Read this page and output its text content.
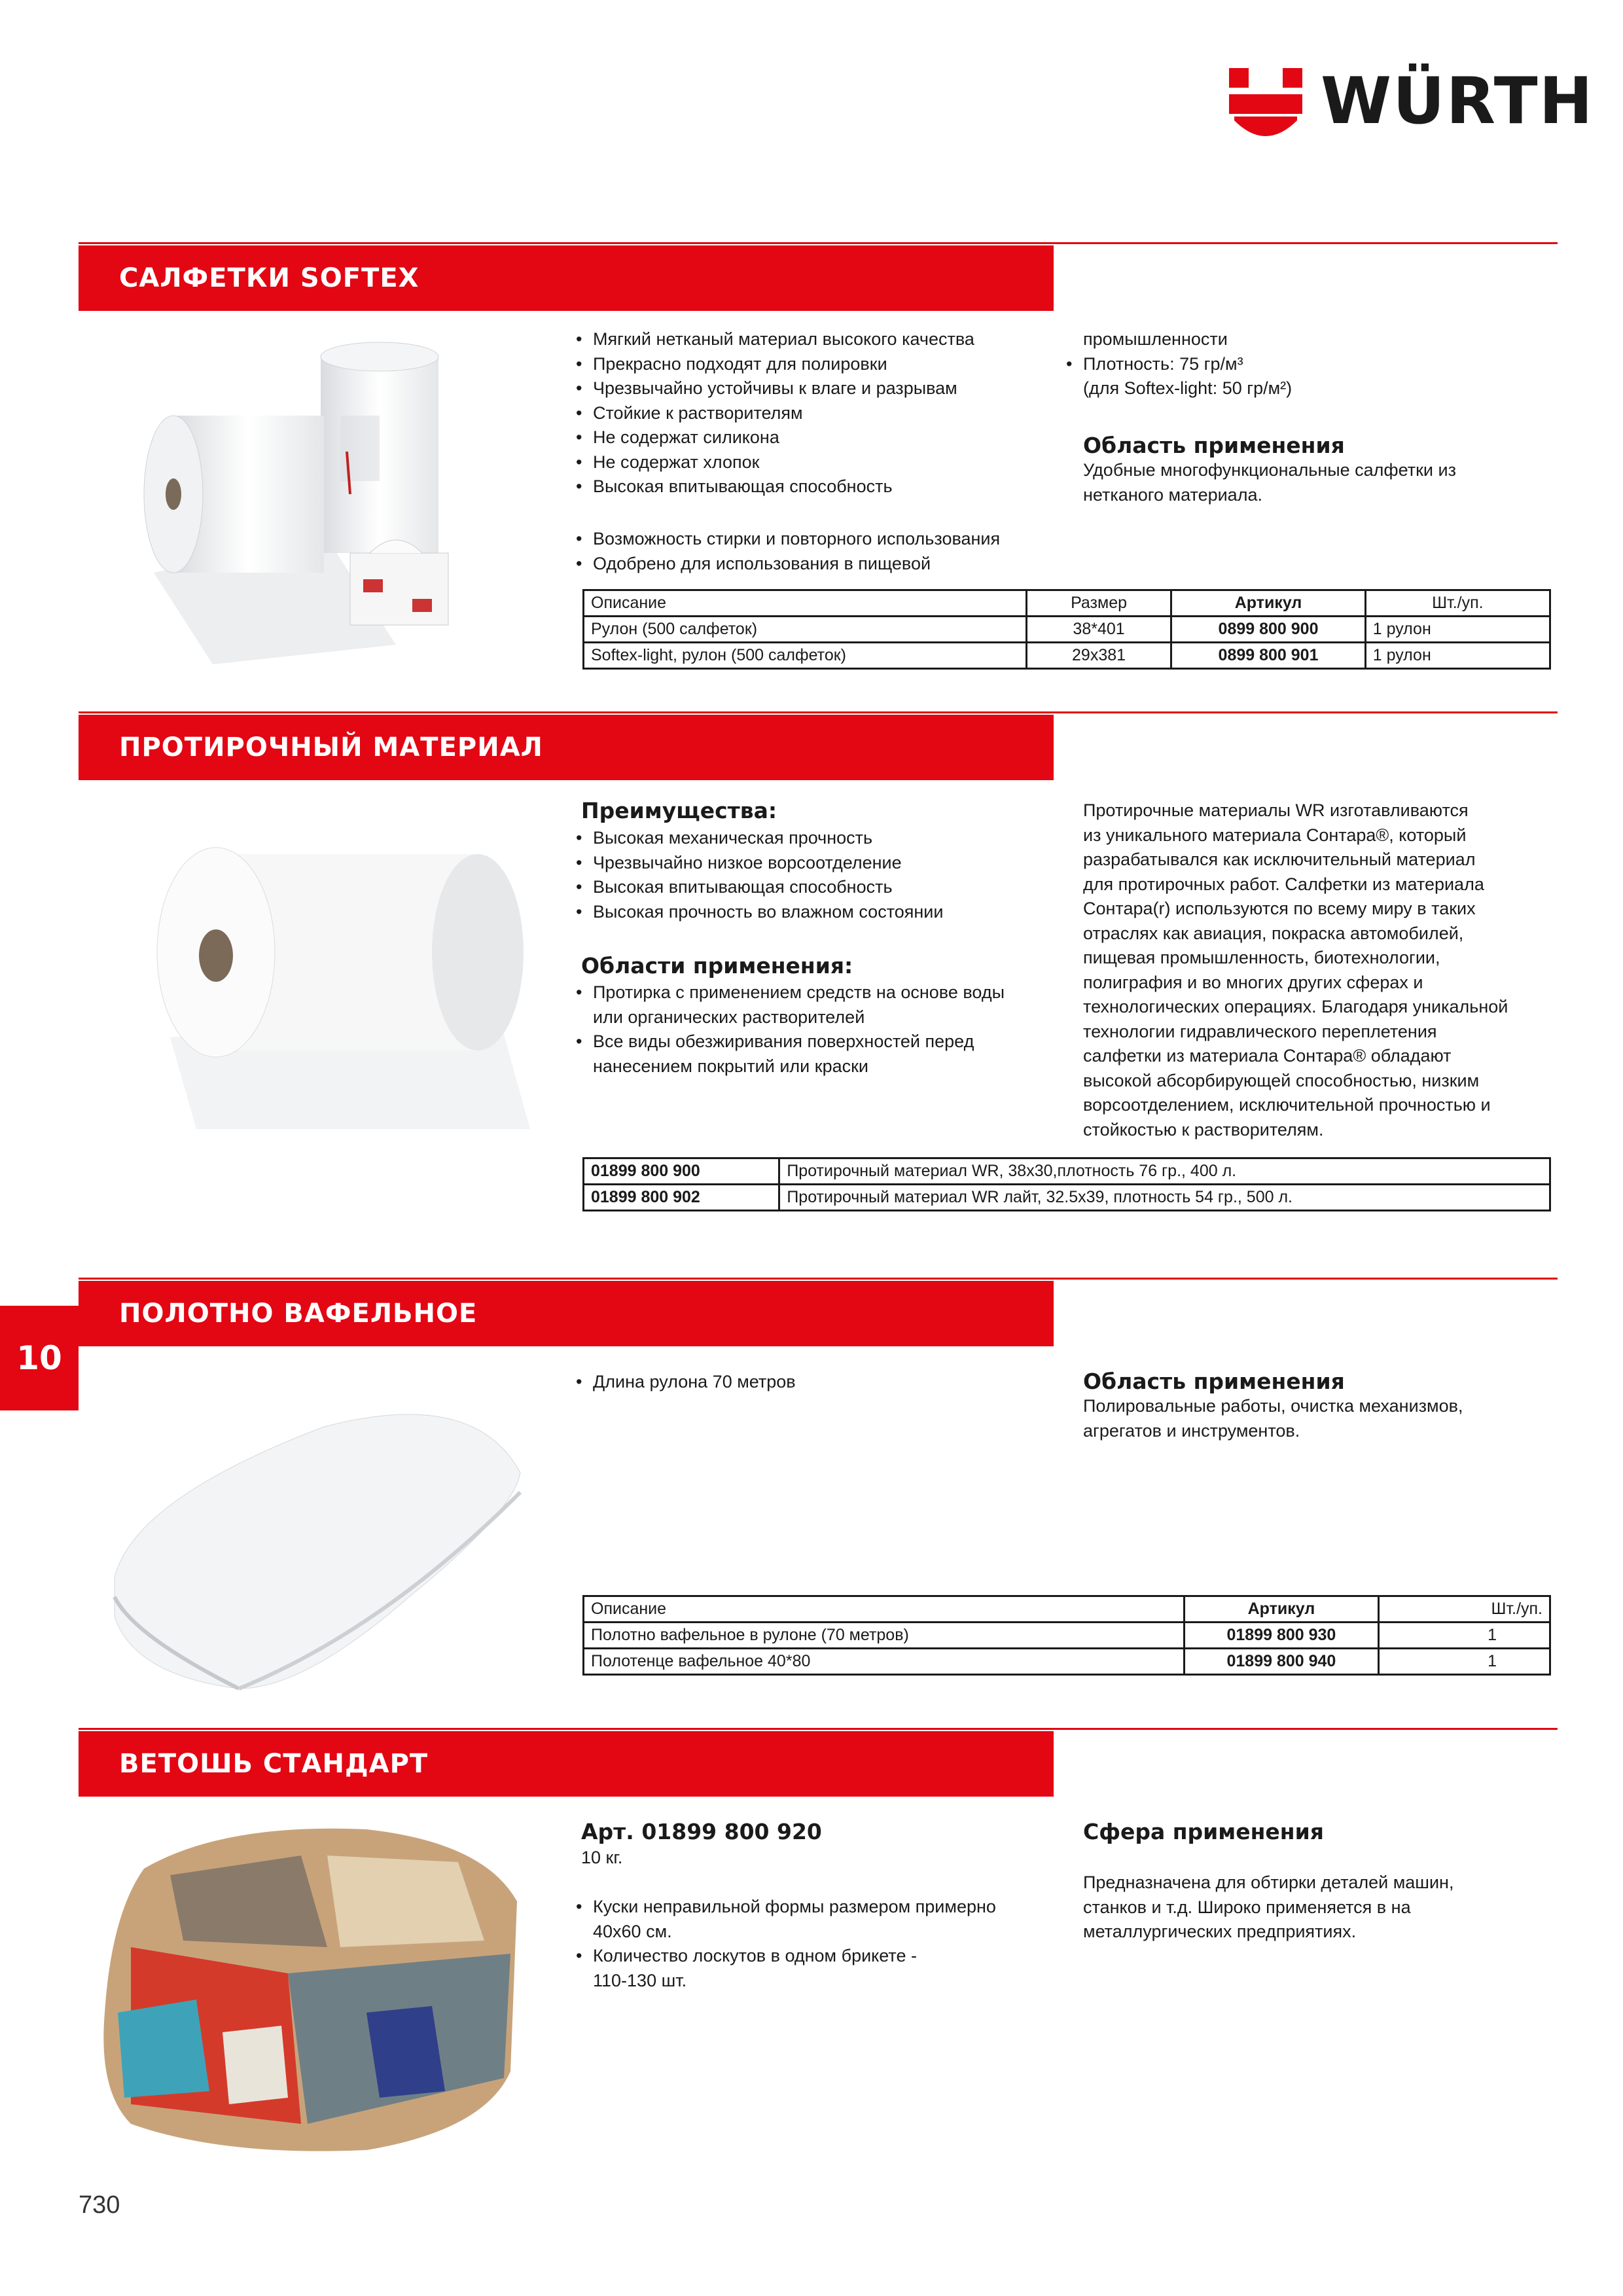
WÜRTH
САЛФЕТКИ SOFTEX
• Мягкий нетканый материал высокого качества
• Прекрасно подходят для полировки
• Чрезвычайно устойчивы к влаге и разрывам
• Стойкие к растворителям
• Не содержат силикона
• Не содержат хлопок
• Высокая впитывающая способность
• Возможность стирки и повторного использования
• Одобрено для использования в пищевой
промышленности
• Плотность: 75 гр/м³
(для Softex-light: 50 гр/м²)
Область применения
Удобные многофункциональные салфетки из
нетканого материала.
Описание	Размер	Артикул	Шт./уп.
Рулон (500 салфеток)	38*401	0899 800 900	1 рулон
Softex-light, рулон (500 салфеток)	29x381	0899 800 901	1 рулон
ПРОТИРОЧНЫЙ МАТЕРИАЛ
Преимущества:
• Высокая механическая прочность
• Чрезвычайно низкое ворсоотделение
• Высокая впитывающая способность
• Высокая прочность во влажном состоянии
Области применения:
• Протирка с применением средств на основе воды
или органических растворителей
• Все виды обезжиривания поверхностей перед
нанесением покрытий или краски
Протирочные материалы WR изготавливаются
из уникального материала Сонтара®, который
разрабатывался как исключительный материал
для протирочных работ. Салфетки из материала
Сонтара(r) используются по всему миру в таких
отраслях как авиация, покраска автомобилей,
пищевая промышленность, биотехнологии,
полиграфия и во многих других сферах и
технологических операциях. Благодаря уникальной
технологии гидравлического переплетения
салфетки из материала Сонтара® обладают
высокой абсорбирующей способностью, низким
ворсоотделением, исключительной прочностью и
стойкостью к растворителям.
01899 800 900	Протирочный материал WR, 38x30,плотность 76 гр., 400 л.
01899 800 902	Протирочный материал WR лайт, 32.5x39, плотность 54 гр., 500 л.
10
ПОЛОТНО ВАФЕЛЬНОЕ
• Длина рулона 70 метров	Область применения
Полировальные работы, очистка механизмов,
агрегатов и инструментов.
Описание	Артикул	Шт./уп.
Полотно вафельное в рулоне (70 метров)	01899 800 930	1
Полотенце вафельное 40*80	01899 800 940	1
ВЕТОШЬ СТАНДАРТ
Арт. 01899 800 920
10 кг.
• Куски неправильной формы размером примерно
40x60 см.
• Количество лоскутов в одном брикете -
110-130 шт.
Сфера применения
Предназначена для обтирки деталей машин,
станков и т.д. Широко применяется в на
металлургических предприятиях.
730
